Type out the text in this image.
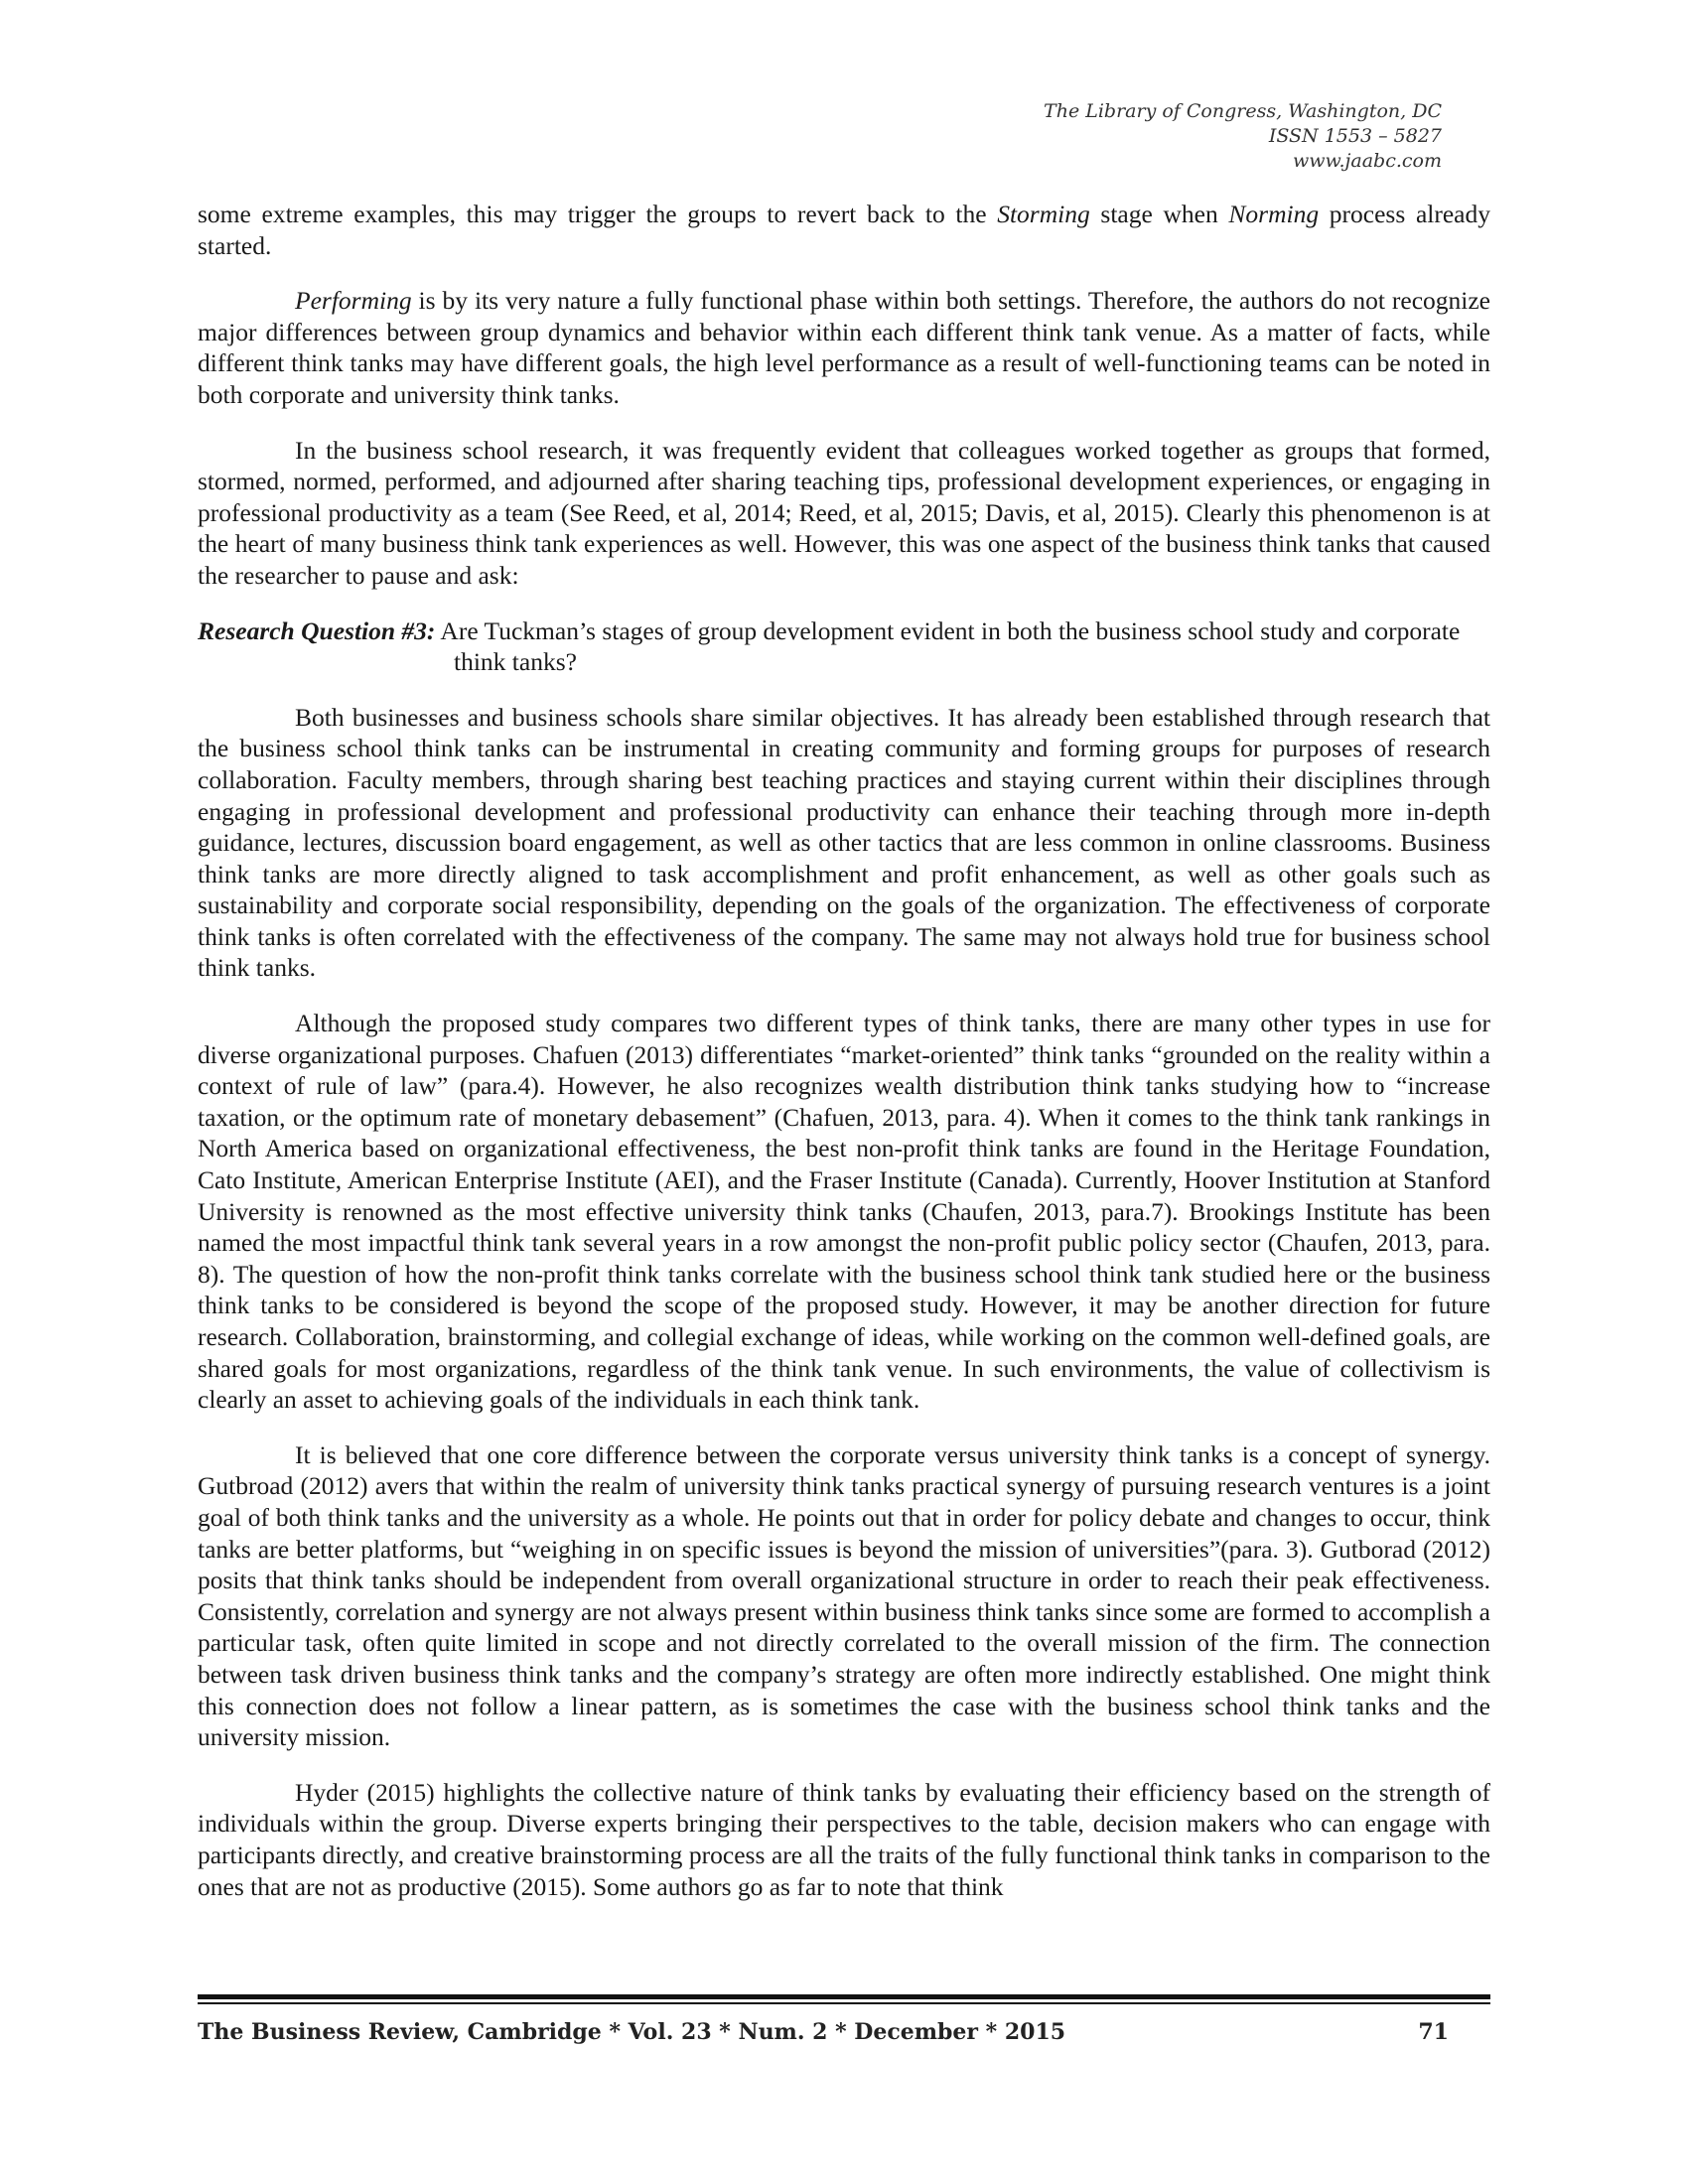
The Library of Congress, Washington, DC
ISSN 1553 – 5827
www.jaabc.com

some extreme examples, this may trigger the groups to revert back to the Storming stage when Norming process already started.

Performing is by its very nature a fully functional phase within both settings. Therefore, the authors do not recognize major differences between group dynamics and behavior within each different think tank venue. As a matter of facts, while different think tanks may have different goals, the high level performance as a result of well-functioning teams can be noted in both corporate and university think tanks.

In the business school research, it was frequently evident that colleagues worked together as groups that formed, stormed, normed, performed, and adjourned after sharing teaching tips, professional development experiences, or engaging in professional productivity as a team (See Reed, et al, 2014; Reed, et al, 2015; Davis, et al, 2015). Clearly this phenomenon is at the heart of many business think tank experiences as well. However, this was one aspect of the business think tanks that caused the researcher to pause and ask:

Research Question #3: Are Tuckman’s stages of group development evident in both the business school study and corporate think tanks?

Both businesses and business schools share similar objectives. It has already been established through research that the business school think tanks can be instrumental in creating community and forming groups for purposes of research collaboration. Faculty members, through sharing best teaching practices and staying current within their disciplines through engaging in professional development and professional productivity can enhance their teaching through more in-depth guidance, lectures, discussion board engagement, as well as other tactics that are less common in online classrooms. Business think tanks are more directly aligned to task accomplishment and profit enhancement, as well as other goals such as sustainability and corporate social responsibility, depending on the goals of the organization. The effectiveness of corporate think tanks is often correlated with the effectiveness of the company. The same may not always hold true for business school think tanks.

Although the proposed study compares two different types of think tanks, there are many other types in use for diverse organizational purposes. Chafuen (2013) differentiates “market-oriented” think tanks “grounded on the reality within a context of rule of law” (para.4). However, he also recognizes wealth distribution think tanks studying how to “increase taxation, or the optimum rate of monetary debasement” (Chafuen, 2013, para. 4). When it comes to the think tank rankings in North America based on organizational effectiveness, the best non-profit think tanks are found in the Heritage Foundation, Cato Institute, American Enterprise Institute (AEI), and the Fraser Institute (Canada). Currently, Hoover Institution at Stanford University is renowned as the most effective university think tanks (Chaufen, 2013, para.7). Brookings Institute has been named the most impactful think tank several years in a row amongst the non-profit public policy sector (Chaufen, 2013, para. 8). The question of how the non-profit think tanks correlate with the business school think tank studied here or the business think tanks to be considered is beyond the scope of the proposed study. However, it may be another direction for future research. Collaboration, brainstorming, and collegial exchange of ideas, while working on the common well-defined goals, are shared goals for most organizations, regardless of the think tank venue. In such environments, the value of collectivism is clearly an asset to achieving goals of the individuals in each think tank.

It is believed that one core difference between the corporate versus university think tanks is a concept of synergy. Gutbroad (2012) avers that within the realm of university think tanks practical synergy of pursuing research ventures is a joint goal of both think tanks and the university as a whole. He points out that in order for policy debate and changes to occur, think tanks are better platforms, but “weighing in on specific issues is beyond the mission of universities”(para. 3). Gutborad (2012) posits that think tanks should be independent from overall organizational structure in order to reach their peak effectiveness. Consistently, correlation and synergy are not always present within business think tanks since some are formed to accomplish a particular task, often quite limited in scope and not directly correlated to the overall mission of the firm. The connection between task driven business think tanks and the company’s strategy are often more indirectly established. One might think this connection does not follow a linear pattern, as is sometimes the case with the business school think tanks and the university mission.

Hyder (2015) highlights the collective nature of think tanks by evaluating their efficiency based on the strength of individuals within the group. Diverse experts bringing their perspectives to the table, decision makers who can engage with participants directly, and creative brainstorming process are all the traits of the fully functional think tanks in comparison to the ones that are not as productive (2015). Some authors go as far to note that think

The Business Review, Cambridge * Vol. 23 * Num. 2 * December * 2015	71
